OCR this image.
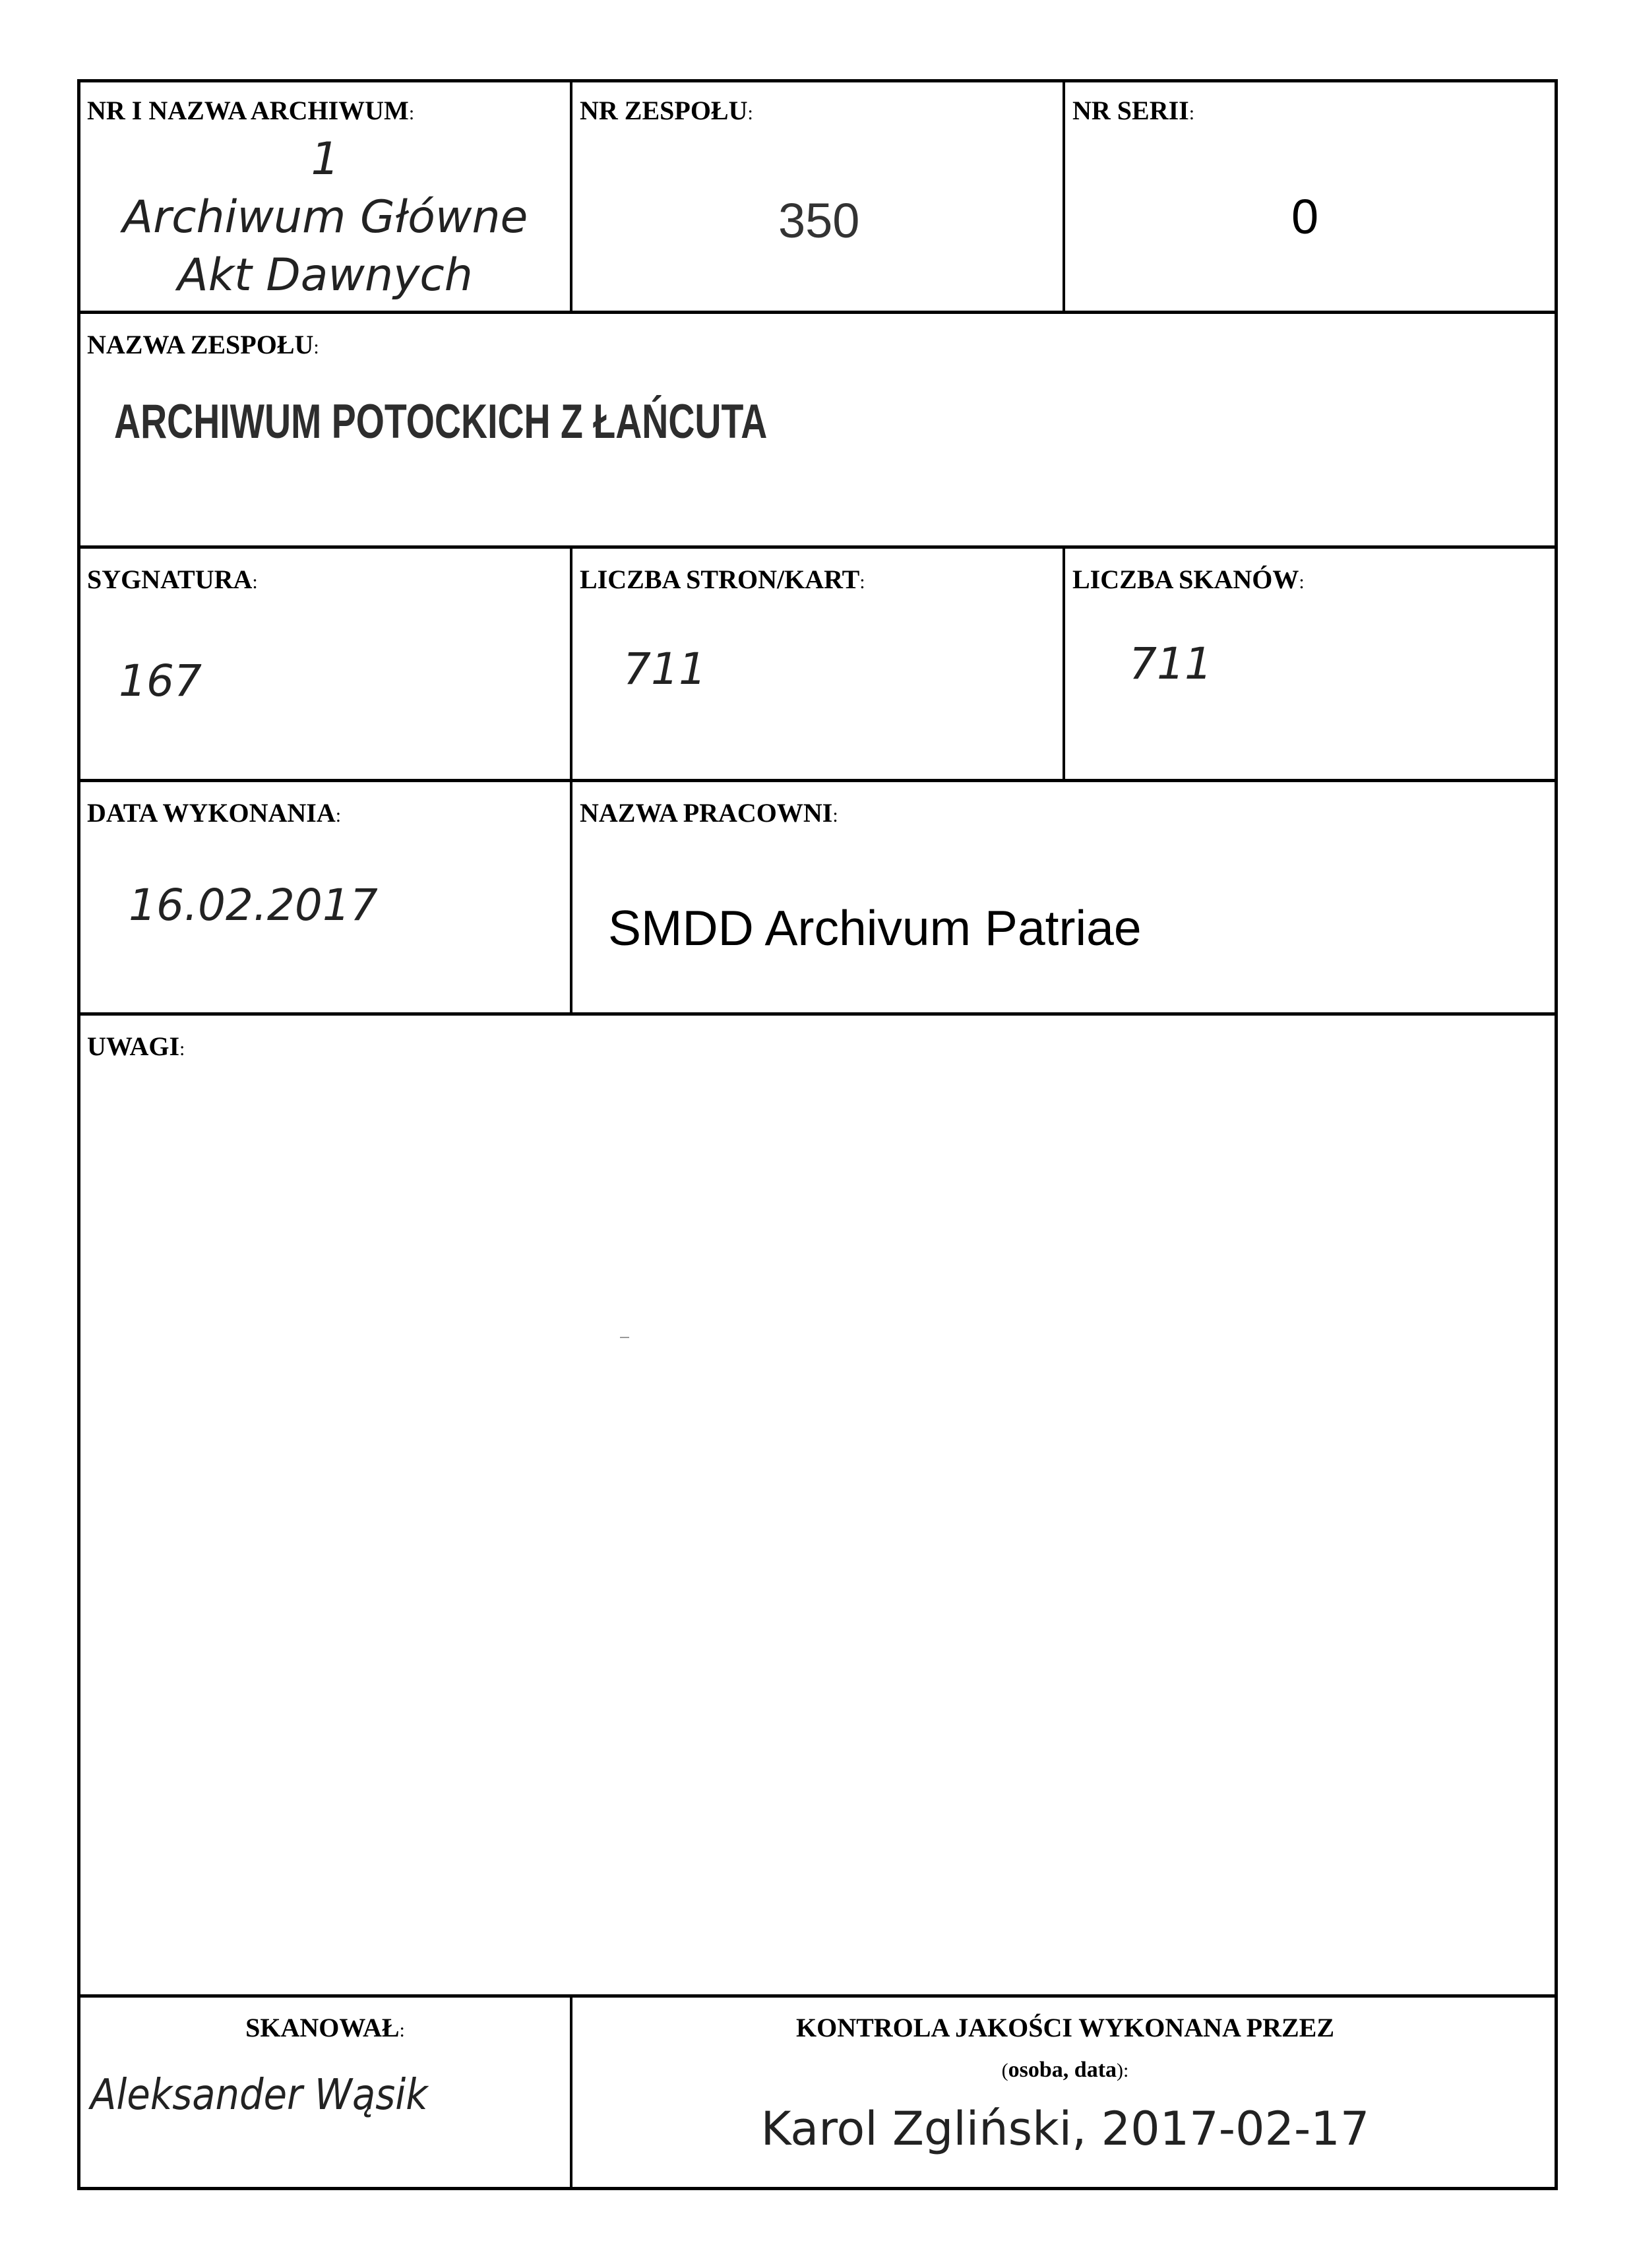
NR I NAZWA ARCHIWUM:
1
Archiwum Główne
Akt Dawnych
NR ZESPOŁU:
350
NR SERII:
0
NAZWA ZESPOŁU:
ARCHIWUM POTOCKICH Z ŁAŃCUTA
SYGNATURA:
167
LICZBA STRON/KART:
711
LICZBA SKANÓW:
711
DATA WYKONANIA:
16.02.2017
NAZWA PRACOWNI:
SMDD Archivum Patriae
UWAGI:
SKANOWAŁ:
Aleksander Wąsik
KONTROLA JAKOŚCI WYKONANA PRZEZ
(osoba, data):
Karol Zgliński, 2017-02-17
